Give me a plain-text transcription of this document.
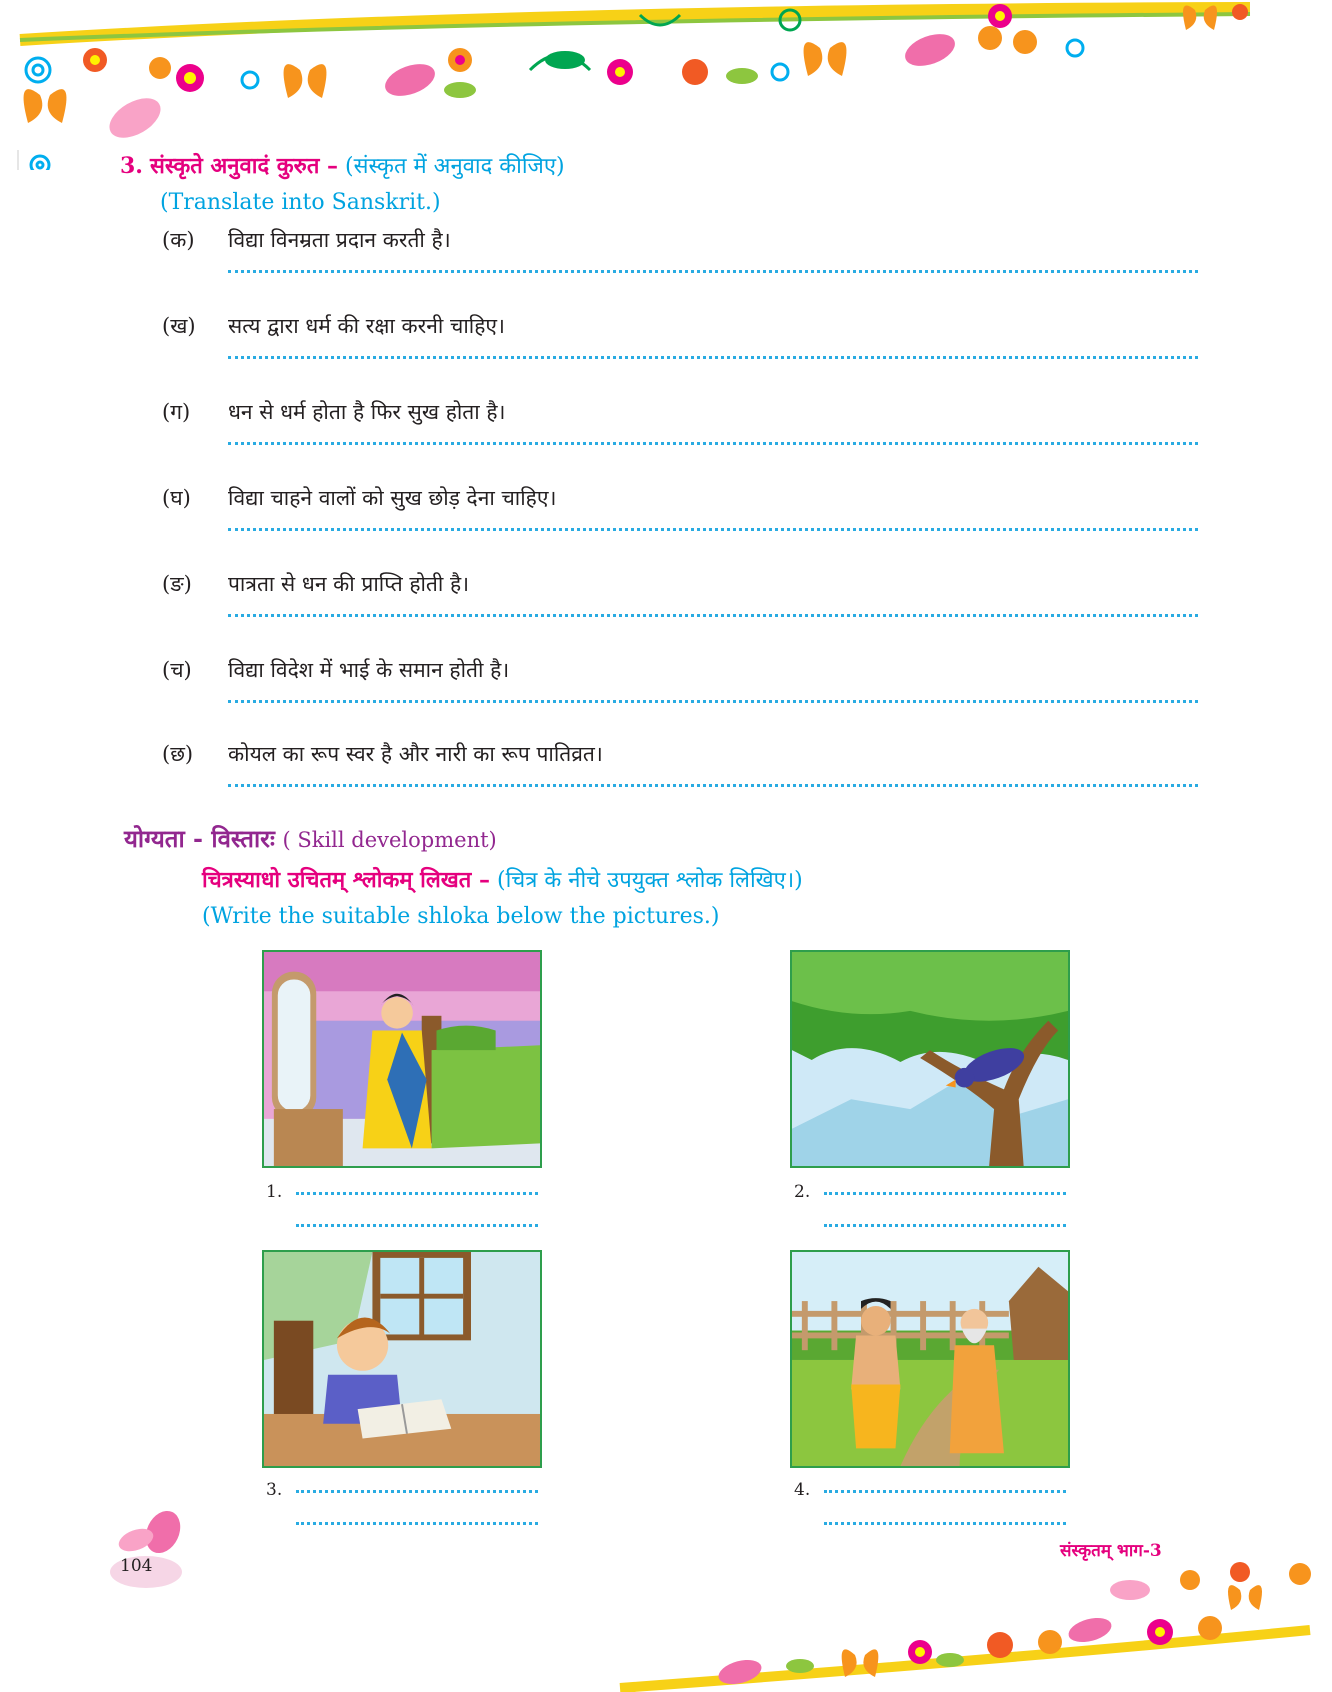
3. संस्कृते अनुवादं कुरुत – (संस्कृत में अनुवाद कीजिए)
(Translate into Sanskrit.)
(क)	विद्या विनम्रता प्रदान करती है।
(ख)	सत्य द्वारा धर्म की रक्षा करनी चाहिए।
(ग)	धन से धर्म होता है फिर सुख होता है।
(घ)	विद्या चाहने वालों को सुख छोड़ देना चाहिए।
(ङ)	पात्रता से धन की प्राप्ति होती है।
(च)	विद्या विदेश में भाई के समान होती है।
(छ)	कोयल का रूप स्वर है और नारी का रूप पातिव्रत।
योग्यता - विस्तारः ( Skill development)
चित्रस्याधो उचितम् श्लोकम् लिखत – (चित्र के नीचे उपयुक्त श्लोक लिखिए।)
(Write the suitable shloka below the pictures.)
1.	2.
3.	4.
104
संस्कृतम् भाग-3
